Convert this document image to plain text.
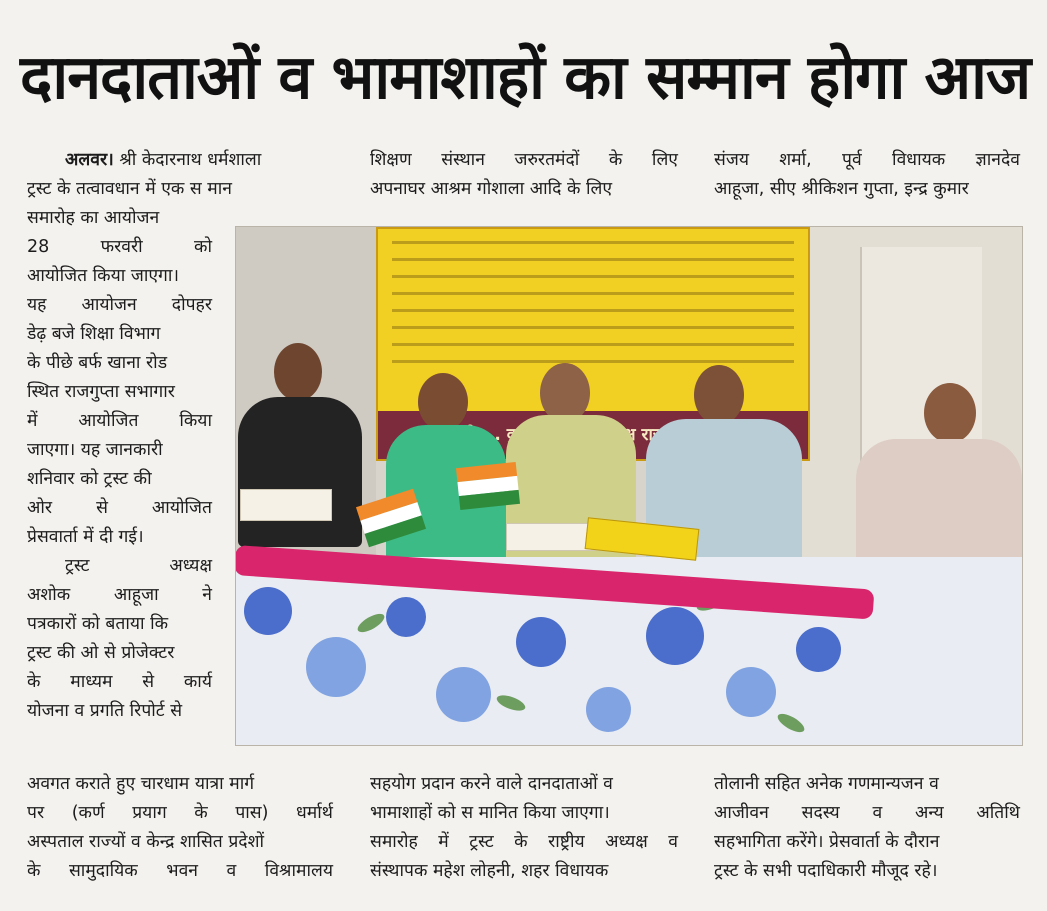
दानदाताओं व भामाशाहों का सम्मान होगा आज

अलवर। श्री केदारनाथ धर्मशाला

ट्रस्ट के तत्वावधान में एक स मान

समारोह का आयोजन

28 फरवरी को

आयोजित किया जाएगा।

यह आयोजन दोपहर

डेढ़ बजे शिक्षा विभाग

के पीछे बर्फ खाना रोड

स्थित राजगुप्ता सभागार

में आयोजित किया

जाएगा। यह जानकारी

शनिवार को ट्रस्ट की

ओर से आयोजित

प्रेसवार्ता में दी गई।

ट्रस्ट अध्यक्ष

अशोक आहूजा ने

पत्रकारों को बताया कि

ट्रस्ट की ओ से प्रोजेक्टर

के माध्यम से कार्य

योजना व प्रगति रिपोर्ट से

अवगत कराते हुए चारधाम यात्रा मार्ग

पर (कर्ण प्रयाग के पास) धर्मार्थ

अस्पताल राज्यों व केन्द्र शासित प्रदेशों

के सामुदायिक भवन व विश्रामालय

शिक्षण संस्थान जरुरतमंदों के लिए

अपनाघर आश्रम गोशाला आदि के लिए

सहयोग प्रदान करने वाले दानदाताओं व

भामाशाहों को स मानित किया जाएगा।

समारोह में ट्रस्ट के राष्ट्रीय अध्यक्ष व

संस्थापक महेश लोहनी, शहर विधायक

संजय शर्मा, पूर्व विधायक ज्ञानदेव

आहूजा, सीए श्रीकिशन गुप्ता, इन्द्र कुमार

तोलानी सहित अनेक गणमान्यजन व

आजीवन सदस्य व अन्य अतिथि

सहभागिता करेंगे। प्रेसवार्ता के दौरान

ट्रस्ट के सभी पदाधिकारी मौजूद रहे।
